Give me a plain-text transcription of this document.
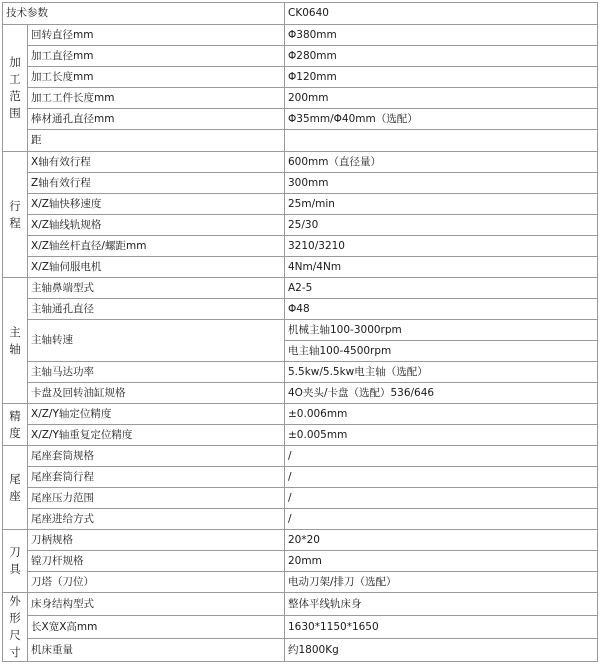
技术参数		CK0640
加工范围	回转直径mm	Φ380mm
	加工直径mm	Φ280mm
	加工长度mm	Φ120mm
	加工工件长度mm	200mm
	棒材通孔直径mm	Φ35mm/Φ40mm（选配）
	距	
行程	X轴有效行程	600mm（直径量）
	Z轴有效行程	300mm
	X/Z轴快移速度	25m/min
	X/Z轴线轨规格	25/30
	X/Z轴丝杆直径/螺距mm	3210/3210
	X/Z轴伺服电机	4Nm/4Nm
主轴	主轴鼻端型式	A2-5
	主轴通孔直径	Φ48
	主轴转速	机械主轴100-3000rpm
		电主轴100-4500rpm
	主轴马达功率	5.5kw/5.5kw电主轴（选配）
	卡盘及回转油缸规格	4O夹头/卡盘（选配）536/646
精度	X/Z/Y轴定位精度	±0.006mm
	X/Z/Y轴重复定位精度	±0.005mm
尾座	尾座套筒规格	/
	尾座套筒行程	/
	尾座压力范围	/
	尾座进给方式	/
刀具	刀柄规格	20*20
	镗刀杆规格	20mm
	刀塔（刀位）	电动刀架/排刀（选配）
外形尺寸	床身结构型式	整体平线轨床身
	长X宽X高mm	1630*1150*1650
	机床重量	约1800Kg
